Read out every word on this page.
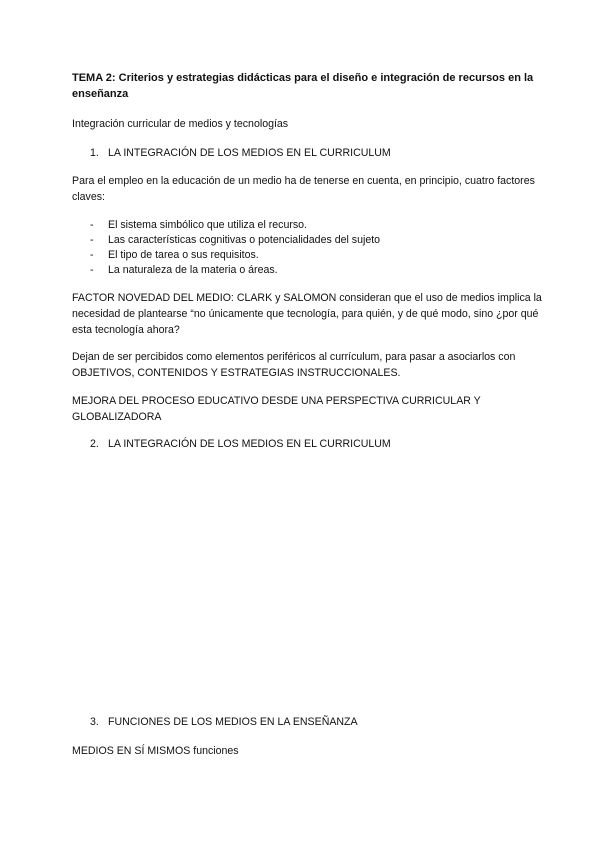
TEMA 2: Criterios y estrategias didácticas para el diseño e integración de recursos en la enseñanza
Integración curricular de medios y tecnologías
1. LA INTEGRACIÓN DE LOS MEDIOS EN EL CURRICULUM
Para el empleo en la educación de un medio ha de tenerse en cuenta, en principio, cuatro factores claves:
- El sistema simbólico que utiliza el recurso.
- Las características cognitivas o potencialidades del sujeto
- El tipo de tarea o sus requisitos.
- La naturaleza de la materia o áreas.
FACTOR NOVEDAD DEL MEDIO: CLARK y SALOMON consideran que el uso de medios implica la necesidad de plantearse “no únicamente que tecnología, para quién, y de qué modo, sino ¿por qué esta tecnología ahora?
Dejan de ser percibidos como elementos periféricos al currículum, para pasar a asociarlos con OBJETIVOS, CONTENIDOS Y ESTRATEGIAS INSTRUCCIONALES.
MEJORA DEL PROCESO EDUCATIVO DESDE UNA PERSPECTIVA CURRICULAR Y GLOBALIZADORA
2. LA INTEGRACIÓN DE LOS MEDIOS EN EL CURRICULUM
3. FUNCIONES DE LOS MEDIOS EN LA ENSEÑANZA
MEDIOS EN SÍ MISMOS funciones
